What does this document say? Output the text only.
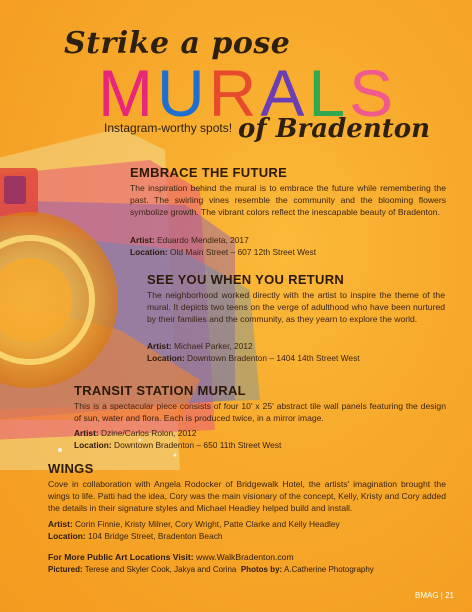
Strike a pose
MURALS
Instagram-worthy spots! of Bradenton
EMBRACE THE FUTURE
The inspiration behind the mural is to embrace the future while remembering the past. The swirling vines resemble the community and the blooming flowers symbolize growth. The vibrant colors reflect the inescapable beauty of Bradenton.
Artist: Eduardo Mendieta, 2017
Location: Old Main Street – 607 12th Street West
SEE YOU WHEN YOU RETURN
The neighborhood worked directly with the artist to inspire the theme of the mural. It depicts two teens on the verge of adulthood who have been nurtured by their families and the community, as they yearn to explore the world.
Artist: Michael Parker, 2012
Location: Downtown Bradenton – 1404 14th Street West
TRANSIT STATION MURAL
This is a spectacular piece consists of four 10' x 25' abstract tile wall panels featuring the design of sun, water and flora. Each is produced twice, in a mirror image.
Artist: Dzine/Carlos Rolon, 2012
Location: Downtown Bradenton – 650 11th Street West
WINGS
Cove in collaboration with Angela Rodocker of Bridgewalk Hotel, the artists' imagination brought the wings to life. Patti had the idea, Cory was the main visionary of the concept, Kelly, Kristy and Cory added the details in their signature styles and Michael Headley helped build and install.
Artist: Corin Finnie, Kristy Milner, Cory Wright, Patte Clarke and Kelly Headley
Location: 104 Bridge Street, Bradenton Beach
For More Public Art Locations Visit: www.WalkBradenton.com
Pictured: Terese and Skyler Cook, Jakya and Corina Photos by: A.Catherine Photography
BMAG | 21
